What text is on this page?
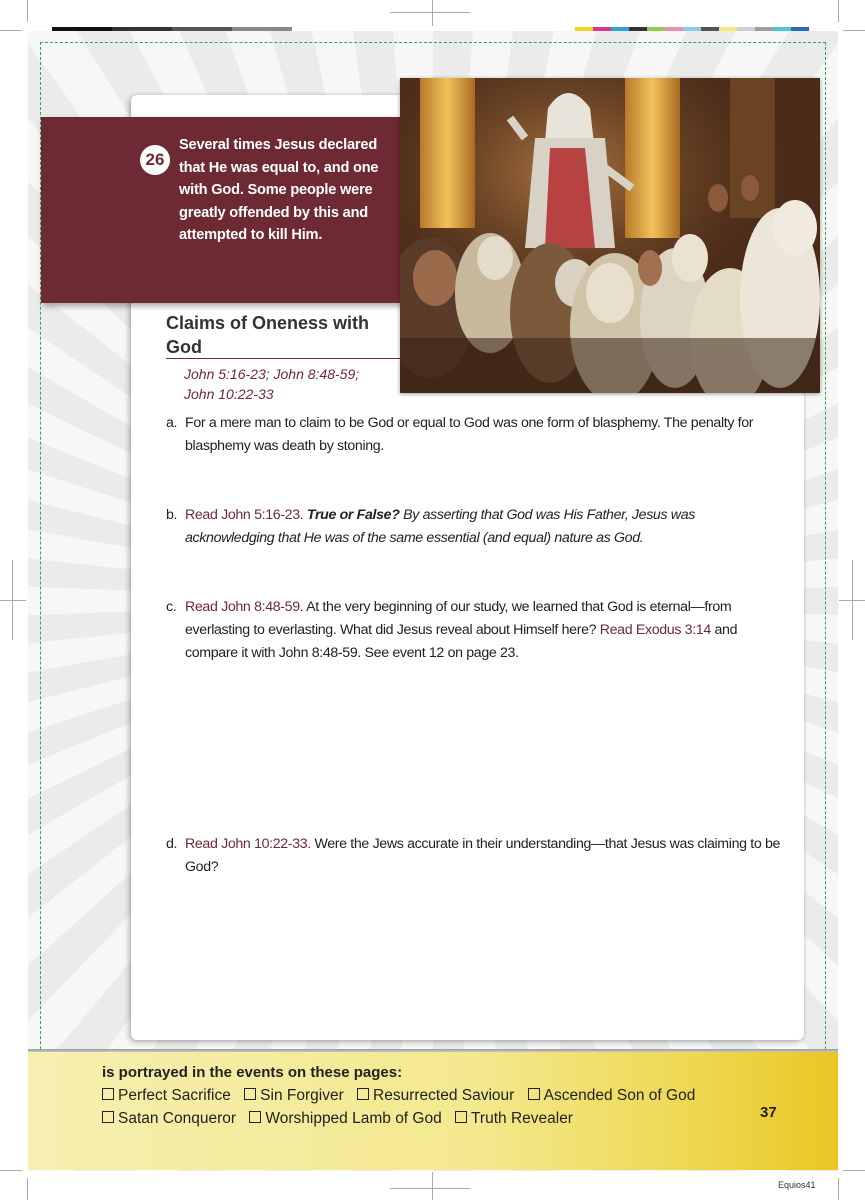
26
Several times Jesus declared that He was equal to, and one with God. Some people were greatly offended by this and attempted to kill Him.
Claims of Oneness with God
John 5:16-23; John 8:48-59;
John 10:22-33
a. For a mere man to claim to be God or equal to God was one form of blasphemy. The penalty for blasphemy was death by stoning.
b. Read John 5:16-23. True or False? By asserting that God was His Father, Jesus was acknowledging that He was of the same essential (and equal) nature as God.
c. Read John 8:48-59. At the very beginning of our study, we learned that God is eternal—from everlasting to everlasting. What did Jesus reveal about Himself here? Read Exodus 3:14 and compare it with John 8:48-59. See event 12 on page 23.
d. Read John 10:22-33. Were the Jews accurate in their understanding—that Jesus was claiming to be God?
is portrayed in the events on these pages:
Perfect Sacrifice Sin Forgiver Resurrected Saviour Ascended Son of God
Satan Conqueror Worshipped Lamb of God Truth Revealer	37
Equios41
